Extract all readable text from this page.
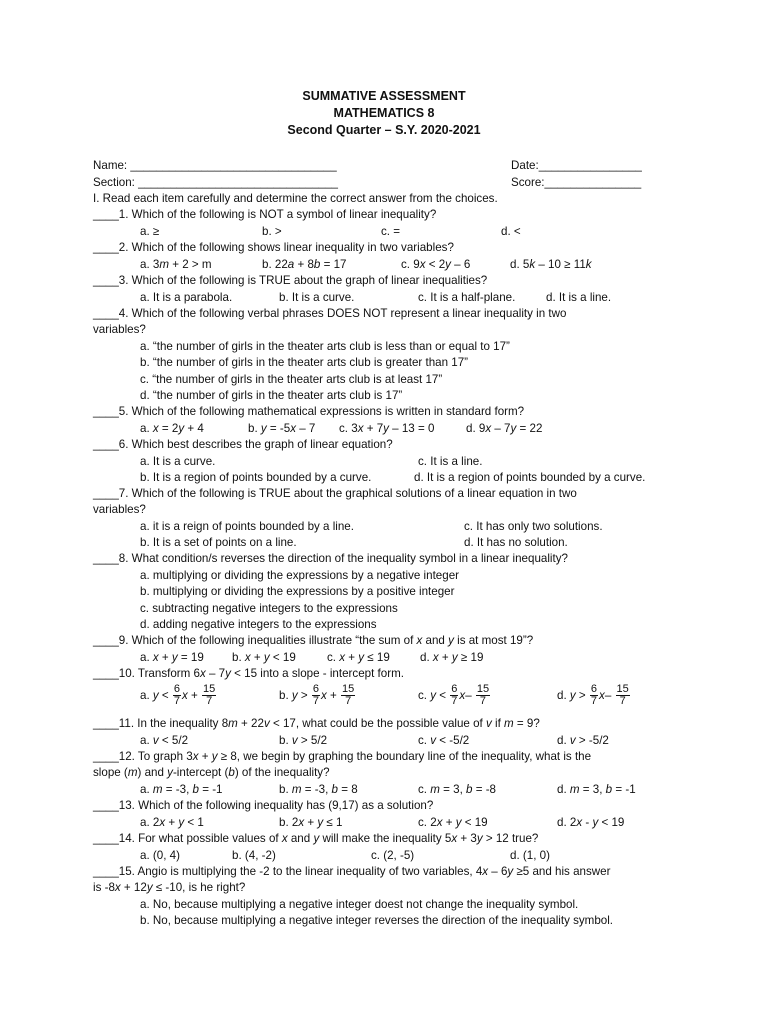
SUMMATIVE ASSESSMENT
MATHEMATICS 8
Second Quarter – S.Y. 2020-2021
Name: ________________________________	Date:________________
Section: _______________________________	Score:_______________
I. Read each item carefully and determine the correct answer from the choices.
____1. Which of the following is NOT a symbol of linear inequality?
a. ≥	b. >	c. =	d. <
____2. Which of the following shows linear inequality in two variables?
a. 3m + 2 > m	b. 22a + 8b = 17	c. 9x < 2y – 6	d. 5k – 10 ≥ 11k
____3. Which of the following is TRUE about the graph of linear inequalities?
a. It is a parabola.	b. It is a curve.	c. It is a half-plane.	d. It is a line.
____4. Which of the following verbal phrases DOES NOT represent a linear inequality in two
variables?
a. “the number of girls in the theater arts club is less than or equal to 17”
b. “the number of girls in the theater arts club is greater than 17”
c. “the number of girls in the theater arts club is at least 17”
d. “the number of girls in the theater arts club is 17”
____5. Which of the following mathematical expressions is written in standard form?
a. x = 2y + 4	b. y = -5x – 7 c. 3x + 7y – 13 = 0	d. 9x – 7y = 22
____6. Which best describes the graph of linear equation?
a. It is a curve.	c. It is a line.
b. It is a region of points bounded by a curve.	d. It is a region of points bounded by a curve.
____7. Which of the following is TRUE about the graphical solutions of a linear equation in two
variables?
a. it is a reign of points bounded by a line.	c. It has only two solutions.
b. It is a set of points on a line.	d. It has no solution.
____8. What condition/s reverses the direction of the inequality symbol in a linear inequality?
a. multiplying or dividing the expressions by a negative integer
b. multiplying or dividing the expressions by a positive integer
c. subtracting negative integers to the expressions
d. adding negative integers to the expressions
____9. Which of the following inequalities illustrate “the sum of x and y is at most 19”?
a. x + y = 19 b. x + y < 19	c. x + y ≤ 19	d. x + y ≥ 19
____10. Transform 6x – 7y < 15 into a slope - intercept form.
a. $y < \frac{6}{7}$ $x + \frac{15}{7}$	b. $y > \frac{6}{7}$ $x + \frac{15}{7}$	c. $y < \frac{6}{7} x- \frac{15}{7}$	d. $y > \frac{6}{7} x- \frac{15}{7}$
____11. In the inequality 8m + 22v < 17, what could be the possible value of v if m = 9?
a. v < 5/2	b. v > 5/2	c. v < -5/2	d. v > -5/2
____12. To graph 3x + y ≥ 8, we begin by graphing the boundary line of the inequality, what is the
slope (m) and y-intercept (b) of the inequality?
a. m = -3, b = -1	b. m = -3, b = 8	c. m = 3, b = -8	d. m = 3, b = -1
____13. Which of the following inequality has (9,17) as a solution?
a. 2x + y < 1	b. 2x + y ≤ 1	c. 2x + y < 19	d. 2x - y < 19
____14. For what possible values of x and y will make the inequality 5x + 3y > 12 true?
a. (0, 4)	b. (4, -2)	c. (2, -5)	d. (1, 0)
____15. Angio is multiplying the -2 to the linear inequality of two variables, 4x – 6y ≥5 and his answer
is -8x + 12y ≤ -10, is he right?
a. No, because multiplying a negative integer doest not change the inequality symbol.
b. No, because multiplying a negative integer reverses the direction of the inequality symbol.
